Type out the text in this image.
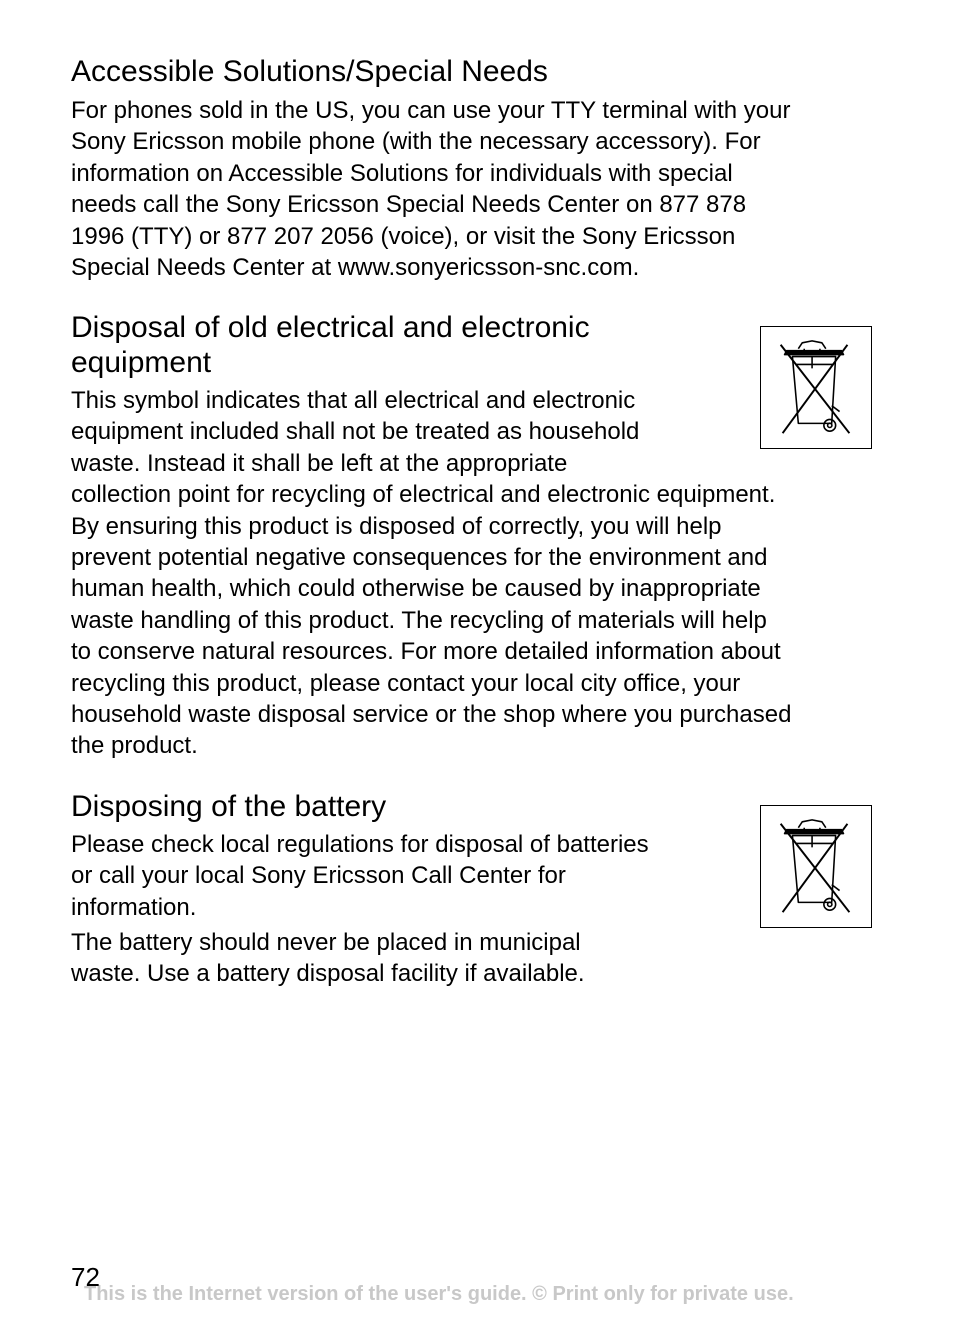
Accessible Solutions/Special Needs

For phones sold in the US, you can use your TTY terminal with your
Sony Ericsson mobile phone (with the necessary accessory). For
information on Accessible Solutions for individuals with special
needs call the Sony Ericsson Special Needs Center on 877 878
1996 (TTY) or 877 207 2056 (voice), or visit the Sony Ericsson
Special Needs Center at www.sonyericsson-snc.com.

Disposal of old electrical and electronic
equipment

This symbol indicates that all electrical and electronic
equipment included shall not be treated as household
waste. Instead it shall be left at the appropriate
collection point for recycling of electrical and electronic equipment.
By ensuring this product is disposed of correctly, you will help
prevent potential negative consequences for the environment and
human health, which could otherwise be caused by inappropriate
waste handling of this product. The recycling of materials will help
to conserve natural resources. For more detailed information about
recycling this product, please contact your local city office, your
household waste disposal service or the shop where you purchased
the product.

Disposing of the battery

Please check local regulations for disposal of batteries
or call your local Sony Ericsson Call Center for
information.

The battery should never be placed in municipal
waste. Use a battery disposal facility if available.

This is the Internet version of the user's guide. © Print only for private use.
72
